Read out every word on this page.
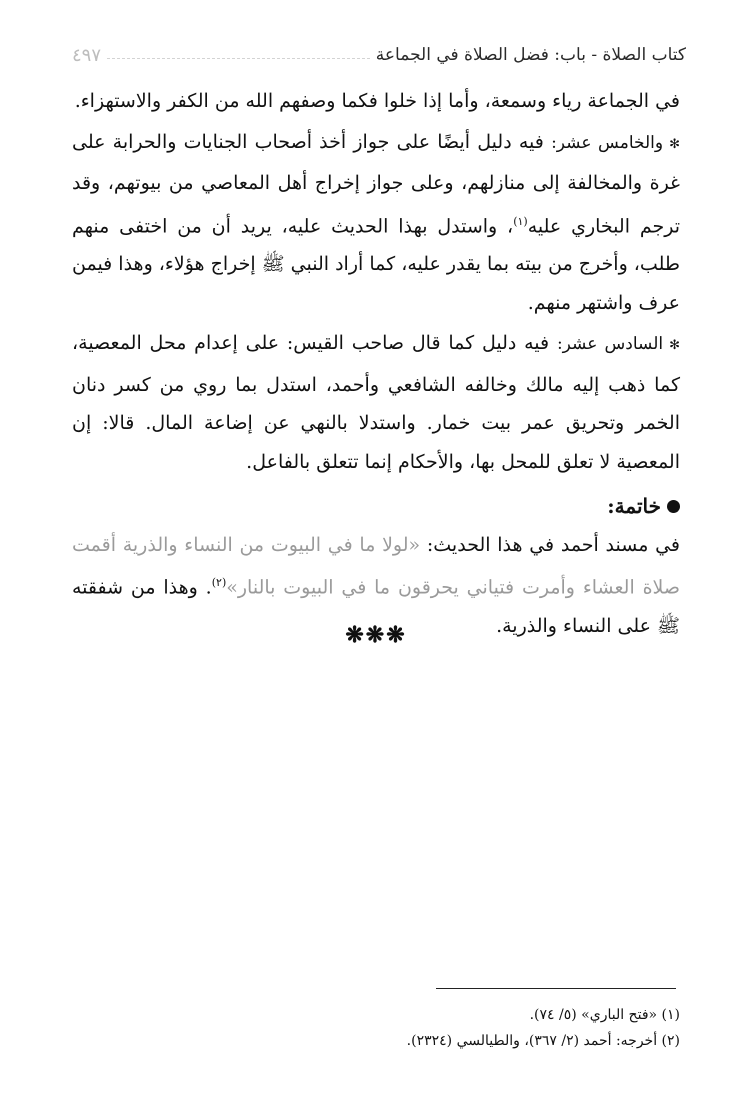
كتاب الصلاة - باب: فضل الصلاة في الجماعة
٤٩٧

في الجماعة رياء وسمعة، وأما إذا خلوا فكما وصفهم الله من الكفر والاستهزاء.

✻والخامس عشر: فيه دليل أيضًا على جواز أخذ أصحاب الجنايات والحرابة على غرة والمخالفة إلى منازلهم، وعلى جواز إخراج أهل المعاصي من بيوتهم، وقد ترجم البخاري عليه$^{(١)}$، واستدل بهذا الحديث عليه، يريد أن من اختفى منهم طلب، وأخرج من بيته بما يقدر عليه، كما أراد النبي ﷺ إخراج هؤلاء، وهذا فيمن عرف واشتهر منهم.

✻السادس عشر: فيه دليل كما قال صاحب القيس: على إعدام محل المعصية، كما ذهب إليه مالك وخالفه الشافعي وأحمد، استدل بما روي من كسر دنان الخمر وتحريق عمر بيت خمار. واستدلا بالنهي عن إضاعة المال. قالا: إن المعصية لا تعلق للمحل بها، والأحكام إنما تتعلق بالفاعل.

خاتمة:

في مسند أحمد في هذا الحديث: «لولا ما في البيوت من النساء والذرية أقمت صلاة العشاء وأمرت فتياني يحرقون ما في البيوت بالنار»$^{(٢)}$. وهذا من شفقته ﷺ على النساء والذرية.

❋❋❋

(١) «فتح الباري» (٥/ ٧٤).

(٢) أخرجه: أحمد (٢/ ٣٦٧)، والطيالسي (٢٣٢٤).
